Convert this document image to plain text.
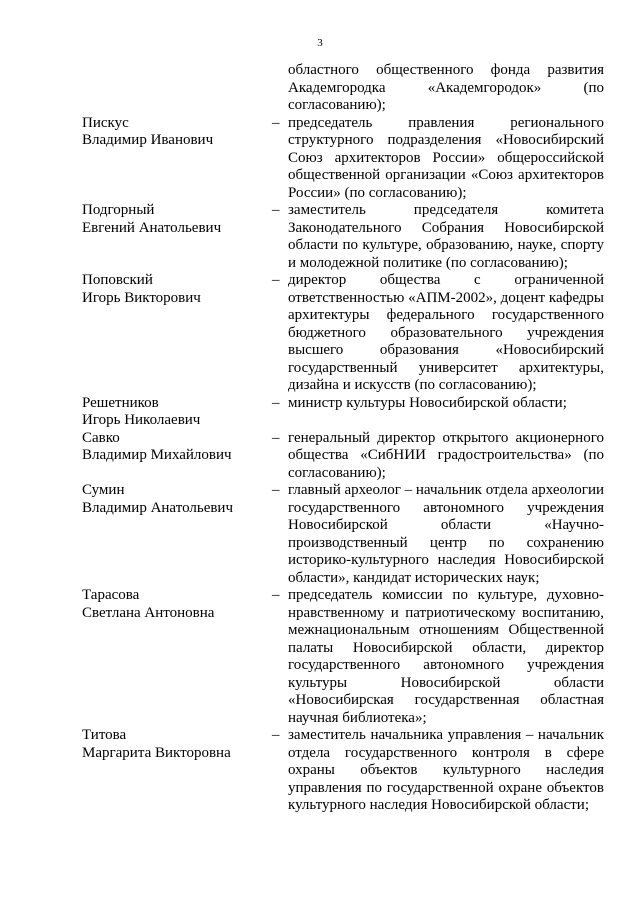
3
областного общественного фонда развития Академгородка «Академгородок» (по согласованию);
Пискус
Владимир Иванович
– председатель правления регионального структурного подразделения «Новосибирский Союз архитекторов России» общероссийской общественной организации «Союз архитекторов России» (по согласованию);
Подгорный
Евгений Анатольевич
– заместитель председателя комитета Законодательного Собрания Новосибирской области по культуре, образованию, науке, спорту и молодежной политике (по согласованию);
Поповский
Игорь Викторович
– директор общества с ограниченной ответственностью «АПМ-2002», доцент кафедры архитектуры федерального государственного бюджетного образовательного учреждения высшего образования «Новосибирский государственный университет архитектуры, дизайна и искусств (по согласованию);
Решетников
Игорь Николаевич
– министр культуры Новосибирской области;
Савко
Владимир Михайлович
– генеральный директор открытого акционерного общества «СибНИИ градостроительства» (по согласованию);
Сумин
Владимир Анатольевич
– главный археолог – начальник отдела археологии государственного автономного учреждения Новосибирской области «Научно-производственный центр по сохранению историко-культурного наследия Новосибирской области», кандидат исторических наук;
Тарасова
Светлана Антоновна
– председатель комиссии по культуре, духовно-нравственному и патриотическому воспитанию, межнациональным отношениям Общественной палаты Новосибирской области, директор государственного автономного учреждения культуры Новосибирской области «Новосибирская государственная областная научная библиотека»;
Титова
Маргарита Викторовна
– заместитель начальника управления – начальник отдела государственного контроля в сфере охраны объектов культурного наследия управления по государственной охране объектов культурного наследия Новосибирской области;
